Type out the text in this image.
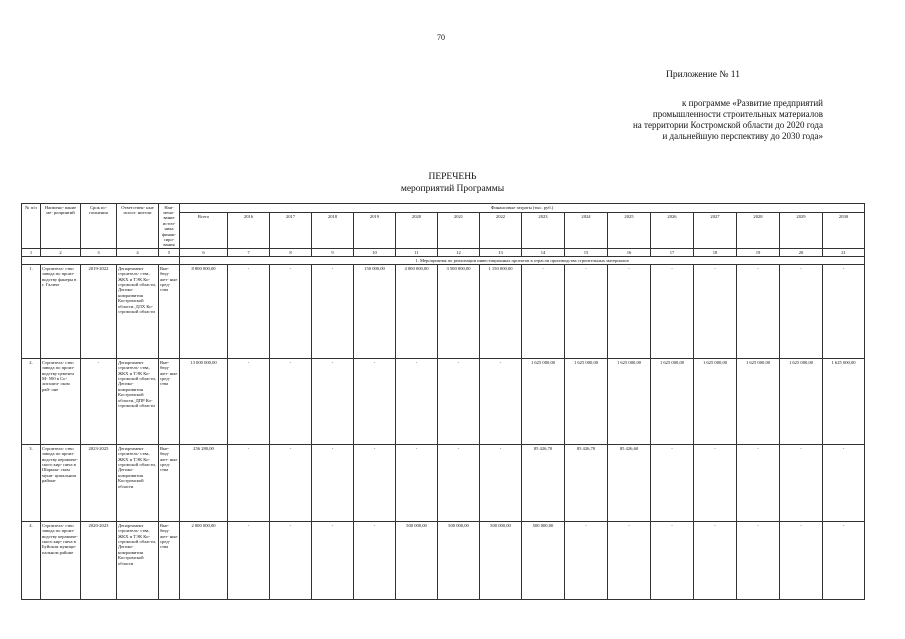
70
Приложение № 11
к программе «Развитие предприятий
промышленности строительных материалов
на территории Костромской области до 2020 года
и дальнейшую перспективу до 2030 года»
ПЕРЕЧЕНЬ
мероприятий Программы
№ п/п	Наимено- вание ме- роприятий	Срок ис- полнения	Ответствен- ные испол- нители	Наи- мено- вание источ- ника финан- сиро- вания	Финансовые затраты (тыс. руб.)															
					Всего	2016	2017	2018	2019	2020	2021	2022	2023	2024	2025	2026	2027	2028	2029	2030
1	2	3	4	5	6	7	8	9	10	11	12	13	14	15	16	17	18	19	20	21
					1. Мероприятия по реализации инвестиционных проектов в отрасли производства строительных материалов															
1.	Строитель- ство завода по произ- водству фанеры в г. Галиче	2019-2022	Департамент строитель- ства, ЖКХ и ТЭК Ко- стромской области, Депэко- номразвития Костромской области, ДЛХ Ко- стромской области	Вне- бюд- жет- ные сред- ства	8 800 000,00	-	-	-	150 000,00	4 000 000,00	3 500 000,00	1 150 000,00	-	-	-	-	-	-	-	-
2.	Строитель- ство завода по произ- водству цемента М- 500 в Со- лигалич- ском рай- оне	-	Департамент строитель- ства, ЖКХ и ТЭК Ко- стромской области, Депэко- номразвития Костромской области, ДПР Ко- стромской области	Вне- бюд- жет- ные сред- ства	13 000 000,00	-	-	-	-	-	-	-	1 625 000,00	1 625 000,00	1 625 000,00	1 625 000,00	1 625 000,00	1 625 000,00	1 625 000,00	1 625 000,00
3.	Строитель- ство завода по произ- водству керамиче- ского кир- пича в Шарьин- ском муни- ципальном районе	2023-2025	Департамент строитель- ства, ЖКХ и ТЭК Ко- стромской области, Депэко- номразвития Костромской области	Вне- бюд- жет- ные сред- ства	256 280,00	-	-	-	-	-	-	-	85 426,70	85 426,70	85 426,60	-	-	-	-	-
4.	Строитель- ство завода по произ- водству керамиче- ского кир- пича в Буйском муници- пальном районе	2020-2023	Департамент строитель- ства, ЖКХ и ТЭК Ко- стромской области, Депэко- номразвития Костромской области	Вне- бюд- жет- ные сред- ства	2 000 000,00	-	-	-	-	500 000,00	500 000,00	500 000,00	500 000,00	-	-	-	-	-	-	-
